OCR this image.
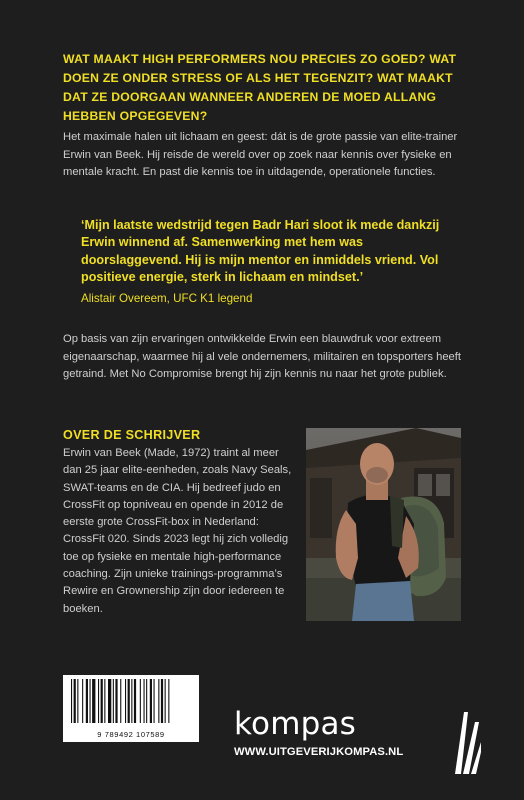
WAT MAAKT HIGH PERFORMERS NOU PRECIES ZO GOED? WAT DOEN ZE ONDER STRESS OF ALS HET TEGENZIT? WAT MAAKT DAT ZE DOORGAAN WANNEER ANDEREN DE MOED ALLANG HEBBEN OPGEGEVEN?
Het maximale halen uit lichaam en geest: dát is de grote passie van elite-trainer Erwin van Beek. Hij reisde de wereld over op zoek naar kennis over fysieke en mentale kracht. En past die kennis toe in uitdagende, operationele functies.
‘Mijn laatste wedstrijd tegen Badr Hari sloot ik mede dankzij Erwin winnend af. Samenwerking met hem was doorslaggevend. Hij is mijn mentor en inmiddels vriend. Vol positieve energie, sterk in lichaam en mindset.’
Alistair Overeem, UFC K1 legend
Op basis van zijn ervaringen ontwikkelde Erwin een blauwdruk voor extreem eigenaarschap, waarmee hij al vele ondernemers, militairen en topsporters heeft getraind. Met No Compromise brengt hij zijn kennis nu naar het grote publiek.
OVER DE SCHRIJVER
Erwin van Beek (Made, 1972) traint al meer dan 25 jaar elite-eenheden, zoals Navy Seals, SWAT-teams en de CIA. Hij bedreef judo en CrossFit op topniveau en opende in 2012 de eerste grote CrossFit-box in Nederland: CrossFit 020. Sinds 2023 legt hij zich volledig toe op fysieke en mentale high-performance coaching. Zijn unieke trainings-programma’s Rewire en Grownership zijn door iedereen te boeken.
9 789492 107589	kompas
WWW.UITGEVERIJKOMPAS.NL
